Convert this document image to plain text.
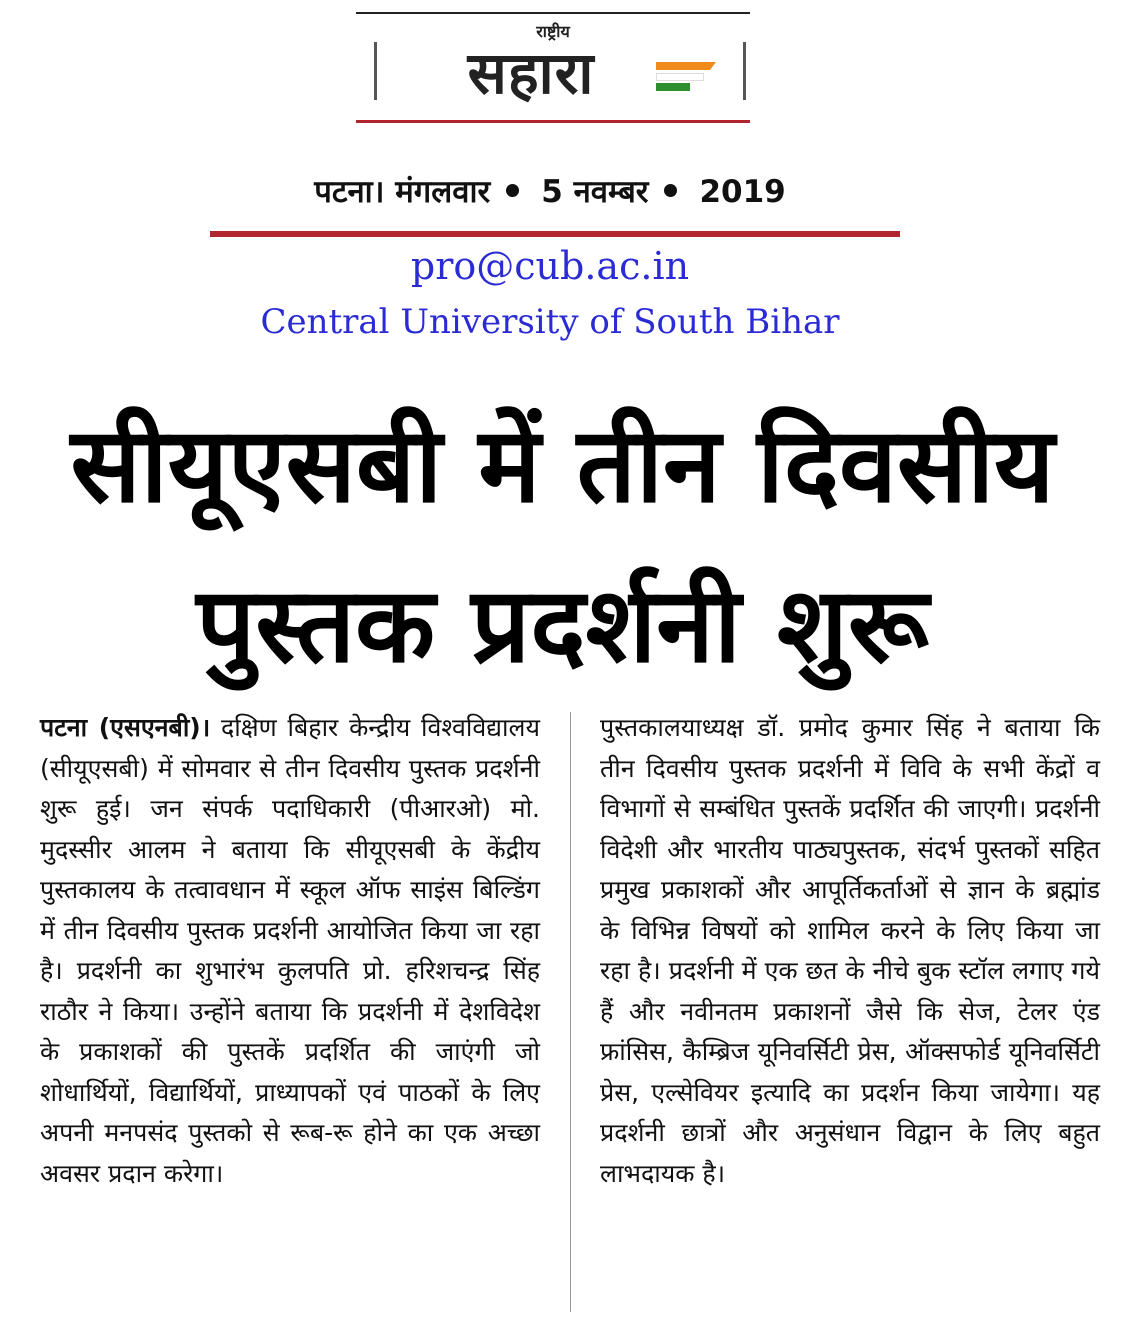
राष्ट्रीय
सहारा
पटना। मंगलवार 5 नवम्बर 2019
pro@cub.ac.in
Central University of South Bihar
सीयूएसबी में तीन दिवसीय
पुस्तक प्रदर्शनी शुरू
पटना (एसएनबी)। दक्षिण बिहार केन्द्रीय विश्वविद्यालय (सीयूएसबी) में सोमवार से तीन दिवसीय पुस्तक प्रदर्शनी शुरू हुई। जन संपर्क पदाधिकारी (पीआरओ) मो. मुदस्सीर आलम ने बताया कि सीयूएसबी के केंद्रीय पुस्तकालय के तत्वावधान में स्कूल ऑफ साइंस बिल्डिंग में तीन दिवसीय पुस्तक प्रदर्शनी आयोजित किया जा रहा है। प्रदर्शनी का शुभारंभ कुलपति प्रो. हरिशचन्द्र सिंह राठौर ने किया। उन्होंने बताया कि प्रदर्शनी में देशविदेश के प्रकाशकों की पुस्तकें प्रदर्शित की जाएंगी जो शोधार्थियों, विद्यार्थियों, प्राध्यापकों एवं पाठकों के लिए अपनी मनपसंद पुस्तको से रूब-रू होने का एक अच्छा अवसर प्रदान करेगा।
पुस्तकालयाध्यक्ष डॉ. प्रमोद कुमार सिंह ने बताया कि तीन दिवसीय पुस्तक प्रदर्शनी में विवि के सभी केंद्रों व विभागों से सम्बंधित पुस्तकें प्रदर्शित की जाएगी। प्रदर्शनी विदेशी और भारतीय पाठ्यपुस्तक, संदर्भ पुस्तकों सहित प्रमुख प्रकाशकों और आपूर्तिकर्ताओं से ज्ञान के ब्रह्मांड के विभिन्न विषयों को शामिल करने के लिए किया जा रहा है। प्रदर्शनी में एक छत के नीचे बुक स्टॉल लगाए गये हैं और नवीनतम प्रकाशनों जैसे कि सेज, टेलर एंड फ्रांसिस, कैम्ब्रिज यूनिवर्सिटी प्रेस, ऑक्सफोर्ड यूनिवर्सिटी प्रेस, एल्सेवियर इत्यादि का प्रदर्शन किया जायेगा। यह प्रदर्शनी छात्रों और अनुसंधान विद्वान के लिए बहुत लाभदायक है।
